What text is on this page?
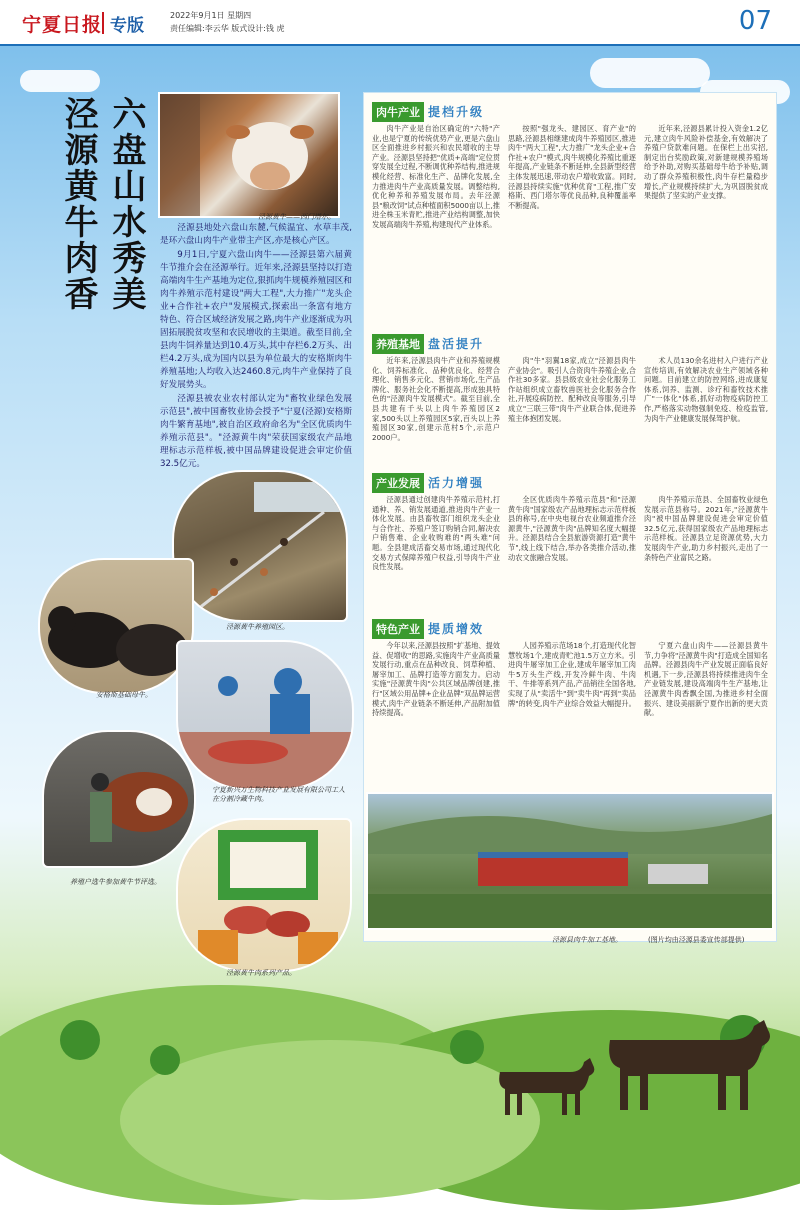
宁夏日报 专版
2022年9月1日 星期四
责任编辑:李云华 版式设计:钱 虎	07
六盘山水秀美
泾源黄牛肉香	泾源黄牛——西门塔尔。

泾源县地处六盘山东麓,气候温宜、水草丰茂,是环六盘山肉牛产业带主产区,亦是核心产区。

9月1日,宁夏六盘山肉牛——泾源县第六届黄牛节推介会在泾源举行。近年来,泾源县坚持以打造高端肉牛生产基地为定位,狠抓肉牛规模养殖园区和肉牛养殖示范村建设"两大工程",大力推广"龙头企业+合作社+农户"发展模式,探索出一条富有地方特色、符合区域经济发展之路,肉牛产业逐渐成为巩固拓展脱贫攻坚和农民增收的主渠道。截至目前,全县肉牛饲养量达到10.4万头,其中存栏6.2万头、出栏4.2万头,成为国内以县为单位最大的安格斯肉牛养殖基地;人均收入达2460.8元,肉牛产业保持了良好发展势头。

泾源县被农业农村部认定为"畜牧业绿色发展示范县",被中国畜牧业协会授予"宁夏(泾源)安格斯肉牛繁育基地",被自治区政府命名为"全区优质肉牛养殖示范县"。"泾源黄牛肉"荣获国家级农产品地理标志示范样板,被中国品牌建设促进会审定价值32.5亿元。

泾源黄牛养殖园区。
安格斯基础母牛。
宁夏新兴万生物科技产业发展有限公司工人在分割冷藏牛肉。
养殖户选牛参加黄牛节评选。
泾源黄牛肉系列产品。
肉牛产业 提档升级

肉牛产业是自治区确定的"六特"产业,也是宁夏的传统优势产业,更是六盘山区全面推进乡村振兴和农民增收的主导产业。泾源县坚持把"优质+高端"定位贯穿发展全过程,不断调优种养结构,推进规模化经营、标准化生产、品牌化发展,全力推进肉牛产业高质量发展。调整结构,优化种养和养殖发展布局。去年泾源县"粮改饲"试点种植面积5000亩以上,推进全株玉米青贮,推进产业结构调整,加快发展高端肉牛养殖,构建现代产业体系。

按照"强龙头、建园区、育产业"的思路,泾源县相继建成肉牛养殖园区,推进肉牛"两大工程",大力推广"龙头企业+合作社+农户"模式,肉牛规模化养殖比重逐年提高,产业链条不断延伸,全县新型经营主体发展迅速,带动农户增收致富。同时,泾源县持续实施"优种优育"工程,推广安格斯、西门塔尔等优良品种,良种覆盖率不断提高。

近年来,泾源县累计投入资金1.2亿元,建立肉牛风险补偿基金,有效解决了养殖户贷款难问题。在保栏上出实招,制定出台奖励政策,对新建规模养殖场给予补助,对购买基础母牛给予补贴,调动了群众养殖积极性,肉牛存栏量稳步增长,产业规模持续扩大,为巩固脱贫成果提供了坚实的产业支撑。

养殖基地 盘活提升

近年来,泾源县肉牛产业和养殖规模化、饲养标准化、品种优良化、经营合理化、销售多元化、营销市场化,生产品牌化、服务社会化不断提高,形成独具特色的"泾源肉牛发展模式"。截至目前,全县共建有千头以上肉牛养殖园区2家,500头以上养殖园区5家,百头以上养殖园区30家,创建示范村5个,示范户2000户。

肉"牛"羽翼18家,成立"泾源县肉牛产业协会"。吸引人合资肉牛养殖企业,合作社30多家。县县级农业社会化服务工作站组织成立畜牧兽医社会化服务合作社,开展疫病防控、配种改良等服务,引导成立"三联三带"肉牛产业联合体,促进养殖主体抱团发展。

术人员130余名进村入户进行产业宣传培训,有效解决农业生产领域各种问题。目前建立的防控网络,进成康复体系,饲养、监测、诊疗和畜牧技术推广"一体化"体系,抓好动物疫病防控工作,严格落实动物强制免疫、检疫监管,为肉牛产业健康发展保驾护航。

产业发展 活力增强

泾源县通过创建肉牛养殖示范村,打通种、养、销发展通道,推进肉牛产业一体化发展。由县畜牧部门组织龙头企业与合作社、养殖户签订购销合同,解决农户销售难、企业收购难的"两头难"问题。全县建成活畜交易市场,通过现代化交易方式保障养殖户权益,引导肉牛产业良性发展。

全区优质肉牛养殖示范县"和"泾源黄牛肉"国家级农产品地理标志示范样板县的称号,在中央电视台农业频道推介泾源黄牛,"泾源黄牛肉"品牌知名度大幅提升。泾源县结合全县旅游资源打造"黄牛节",线上线下结合,举办各类推介活动,推动农文旅融合发展。

肉牛养殖示范县、全国畜牧业绿色发展示范县称号。2021年,"泾源黄牛肉"被中国品牌建设促进会审定价值32.5亿元,获得国家级农产品地理标志示范样板。泾源县立足资源优势,大力发展肉牛产业,助力乡村振兴,走出了一条特色产业富民之路。

特色产业 提质增效

今年以来,泾源县按照"扩基地、提效益、促增收"的思路,实施肉牛产业高质量发展行动,重点在品种改良、饲草种植、屠宰加工、品牌打造等方面发力。启动实施"泾源黄牛肉"公共区域品牌创建,推行"区域公用品牌+企业品牌"双品牌运营模式,肉牛产业链条不断延伸,产品附加值持续提高。

人园养殖示范场18个,打造现代化智慧牧场1个,建成青贮池1.5万立方米。引进肉牛屠宰加工企业,建成年屠宰加工肉牛5万头生产线,开发冷鲜牛肉、牛肉干、牛排等系列产品,产品销往全国各地,实现了从"卖活牛"到"卖牛肉"再到"卖品牌"的转变,肉牛产业综合效益大幅提升。

宁夏六盘山肉牛——泾源县黄牛节,力争将"泾源黄牛肉"打造成全国知名品牌。泾源县肉牛产业发展正面临良好机遇,下一步,泾源县将持续推进肉牛全产业链发展,建设高端肉牛生产基地,让泾源黄牛肉香飘全国,为推进乡村全面振兴、建设美丽新宁夏作出新的更大贡献。

泾源县肉牛加工基地。	(图片均由泾源县委宣传部提供)
